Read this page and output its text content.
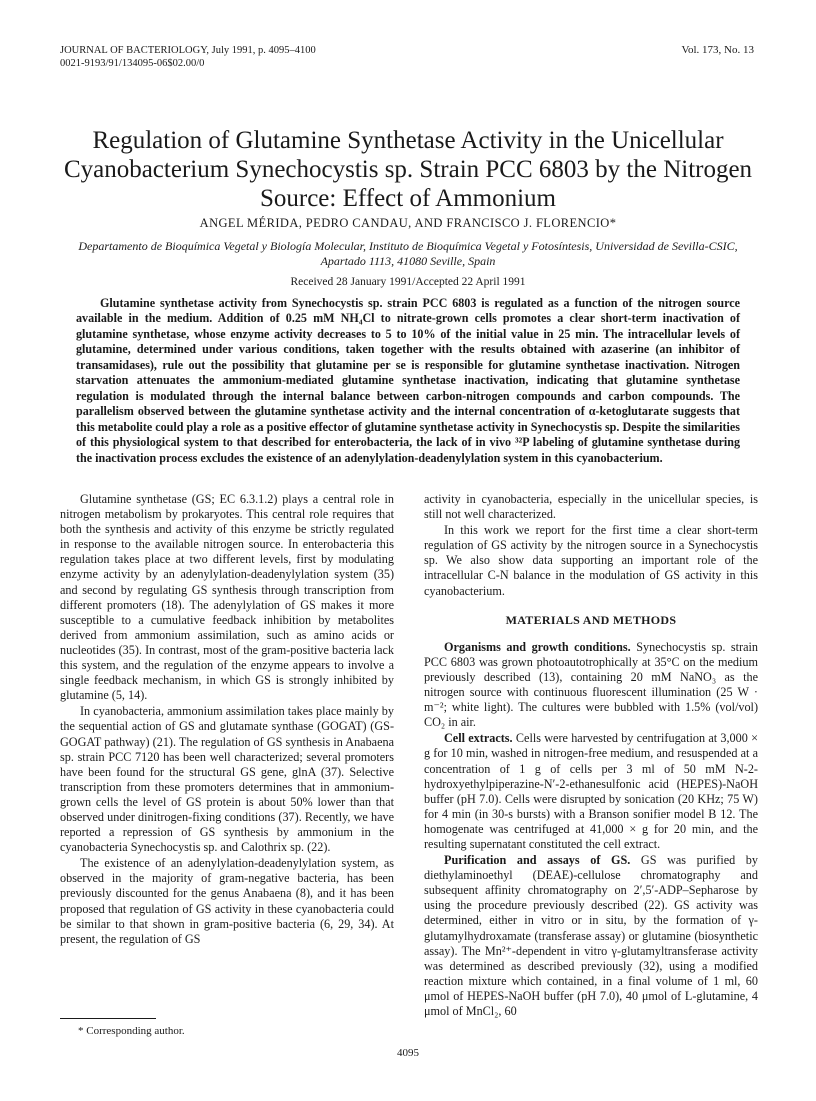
JOURNAL OF BACTERIOLOGY, July 1991, p. 4095–4100
0021-9193/91/134095-06$02.00/0
Vol. 173, No. 13
Regulation of Glutamine Synthetase Activity in the Unicellular Cyanobacterium Synechocystis sp. Strain PCC 6803 by the Nitrogen Source: Effect of Ammonium
ANGEL MÉRIDA, PEDRO CANDAU, AND FRANCISCO J. FLORENCIO*
Departamento de Bioquímica Vegetal y Biología Molecular, Instituto de Bioquímica Vegetal y Fotosíntesis, Universidad de Sevilla-CSIC, Apartado 1113, 41080 Seville, Spain
Received 28 January 1991/Accepted 22 April 1991
Glutamine synthetase activity from Synechocystis sp. strain PCC 6803 is regulated as a function of the nitrogen source available in the medium. Addition of 0.25 mM NH₄Cl to nitrate-grown cells promotes a clear short-term inactivation of glutamine synthetase, whose enzyme activity decreases to 5 to 10% of the initial value in 25 min. The intracellular levels of glutamine, determined under various conditions, taken together with the results obtained with azaserine (an inhibitor of transamidases), rule out the possibility that glutamine per se is responsible for glutamine synthetase inactivation. Nitrogen starvation attenuates the ammonium-mediated glutamine synthetase inactivation, indicating that glutamine synthetase regulation is modulated through the internal balance between carbon-nitrogen compounds and carbon compounds. The parallelism observed between the glutamine synthetase activity and the internal concentration of α-ketoglutarate suggests that this metabolite could play a role as a positive effector of glutamine synthetase activity in Synechocystis sp. Despite the similarities of this physiological system to that described for enterobacteria, the lack of in vivo ³²P labeling of glutamine synthetase during the inactivation process excludes the existence of an adenylylation-deadenylylation system in this cyanobacterium.

Glutamine synthetase (GS; EC 6.3.1.2) plays a central role in nitrogen metabolism by prokaryotes. This central role requires that both the synthesis and activity of this enzyme be strictly regulated in response to the available nitrogen source. In enterobacteria this regulation takes place at two different levels, first by modulating enzyme activity by an adenylylation-deadenylylation system (35) and second by regulating GS synthesis through transcription from different promoters (18). The adenylylation of GS makes it more susceptible to a cumulative feedback inhibition by metabolites derived from ammonium assimilation, such as amino acids or nucleotides (35). In contrast, most of the gram-positive bacteria lack this system, and the regulation of the enzyme appears to involve a single feedback mechanism, in which GS is strongly inhibited by glutamine (5, 14).

In cyanobacteria, ammonium assimilation takes place mainly by the sequential action of GS and glutamate synthase (GOGAT) (GS-GOGAT pathway) (21). The regulation of GS synthesis in Anabaena sp. strain PCC 7120 has been well characterized; several promoters have been found for the structural GS gene, glnA (37). Selective transcription from these promoters determines that in ammonium-grown cells the level of GS protein is about 50% lower than that observed under dinitrogen-fixing conditions (37). Recently, we have reported a repression of GS synthesis by ammonium in the cyanobacteria Synechocystis sp. and Calothrix sp. (22).

The existence of an adenylylation-deadenylylation system, as observed in the majority of gram-negative bacteria, has been previously discounted for the genus Anabaena (8), and it has been proposed that regulation of GS activity in these cyanobacteria could be similar to that shown in gram-positive bacteria (6, 29, 34). At present, the regulation of GS

activity in cyanobacteria, especially in the unicellular species, is still not well characterized.

In this work we report for the first time a clear short-term regulation of GS activity by the nitrogen source in a Synechocystis sp. We also show data supporting an important role of the intracellular C-N balance in the modulation of GS activity in this cyanobacterium.

MATERIALS AND METHODS

Organisms and growth conditions. Synechocystis sp. strain PCC 6803 was grown photoautotrophically at 35°C on the medium previously described (13), containing 20 mM NaNO₃ as the nitrogen source with continuous fluorescent illumination (25 W · m⁻²; white light). The cultures were bubbled with 1.5% (vol/vol) CO₂ in air.

Cell extracts. Cells were harvested by centrifugation at 3,000 × g for 10 min, washed in nitrogen-free medium, and resuspended at a concentration of 1 g of cells per 3 ml of 50 mM N-2-hydroxyethylpiperazine-N′-2-ethanesulfonic acid (HEPES)-NaOH buffer (pH 7.0). Cells were disrupted by sonication (20 KHz; 75 W) for 4 min (in 30-s bursts) with a Branson sonifier model B 12. The homogenate was centrifuged at 41,000 × g for 20 min, and the resulting supernatant constituted the cell extract.

Purification and assays of GS. GS was purified by diethylaminoethyl (DEAE)-cellulose chromatography and subsequent affinity chromatography on 2′,5′-ADP–Sepharose by using the procedure previously described (22). GS activity was determined, either in vitro or in situ, by the formation of γ-glutamylhydroxamate (transferase assay) or glutamine (biosynthetic assay). The Mn²⁺-dependent in vitro γ-glutamyltransferase activity was determined as described previously (32), using a modified reaction mixture which contained, in a final volume of 1 ml, 60 μmol of HEPES-NaOH buffer (pH 7.0), 40 μmol of L-glutamine, 4 μmol of MnCl₂, 60

* Corresponding author.
4095
